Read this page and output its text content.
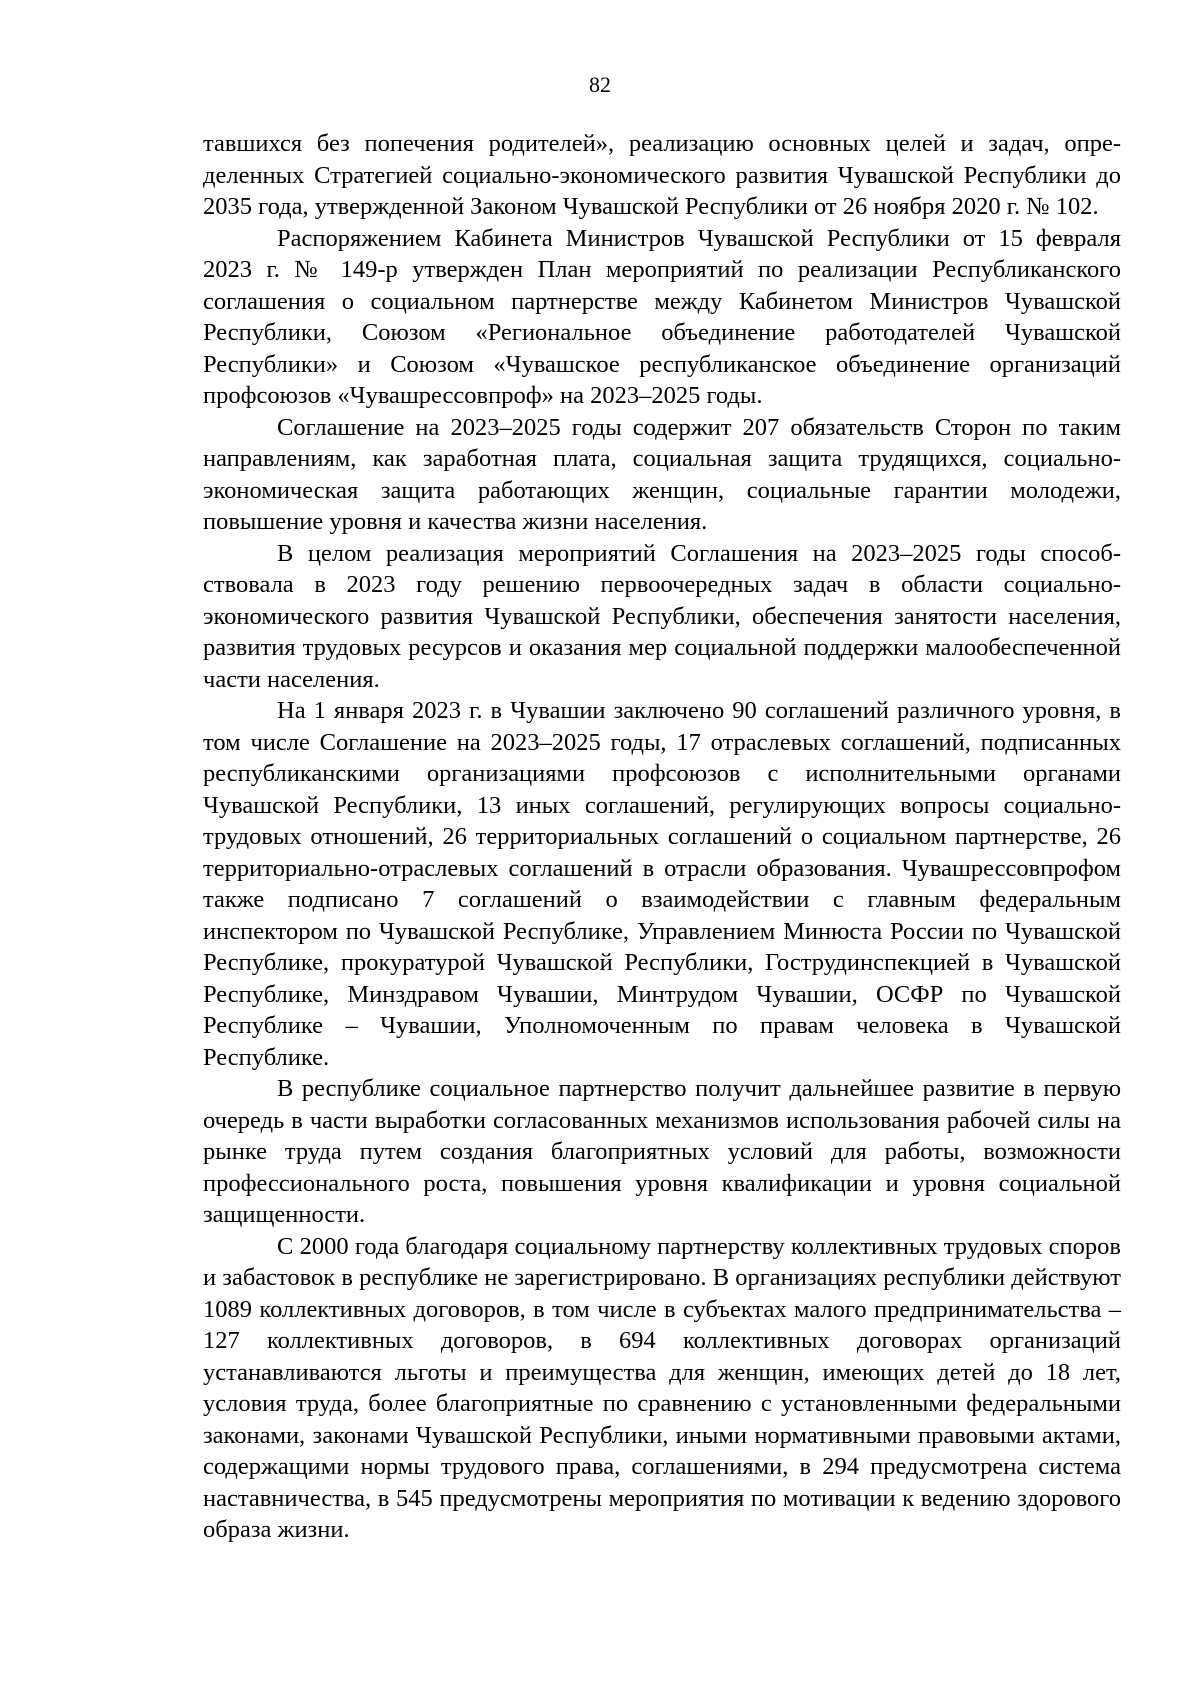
82

тавшихся без попечения родителей», реализацию основных целей и задач, определенных Стратегией социально-экономического развития Чувашской Республики до 2035 года, утвержденной Законом Чувашской Республики от 26 ноября 2020 г. № 102.

Распоряжением Кабинета Министров Чувашской Республики от 15 февраля 2023 г. № 149-р утвержден План мероприятий по реализации Республиканского соглашения о социальном партнерстве между Кабинетом Министров Чувашской Республики, Союзом «Региональное объединение работодателей Чувашской Республики» и Союзом «Чувашское республиканское объединение организаций профсоюзов «Чувашрессовпроф» на 2023–2025 годы.

Соглашение на 2023–2025 годы содержит 207 обязательств Сторон по таким направлениям, как заработная плата, социальная защита трудящихся, социально-экономическая защита работающих женщин, социальные гарантии молодежи, повышение уровня и качества жизни населения.

В целом реализация мероприятий Соглашения на 2023–2025 годы способствовала в 2023 году решению первоочередных задач в области социально-экономического развития Чувашской Республики, обеспечения занятости населения, развития трудовых ресурсов и оказания мер социальной поддержки малообеспеченной части населения.

На 1 января 2023 г. в Чувашии заключено 90 соглашений различного уровня, в том числе Соглашение на 2023–2025 годы, 17 отраслевых соглашений, подписанных республиканскими организациями профсоюзов с исполнительными органами Чувашской Республики, 13 иных соглашений, регулирующих вопросы социально-трудовых отношений, 26 территориальных соглашений о социальном партнерстве, 26 территориально-отраслевых соглашений в отрасли образования. Чувашрессовпрофом также подписано 7 соглашений о взаимодействии с главным федеральным инспектором по Чувашской Республике, Управлением Минюста России по Чувашской Республике, прокуратурой Чувашской Республики, Гострудинспекцией в Чувашской Республике, Минздравом Чувашии, Минтрудом Чувашии, ОСФР по Чувашской Республике – Чувашии, Уполномоченным по правам человека в Чувашской Республике.

В республике социальное партнерство получит дальнейшее развитие в первую очередь в части выработки согласованных механизмов использования рабочей силы на рынке труда путем создания благоприятных условий для работы, возможности профессионального роста, повышения уровня квалификации и уровня социальной защищенности.

С 2000 года благодаря социальному партнерству коллективных трудовых споров и забастовок в республике не зарегистрировано. В организациях республики действуют 1089 коллективных договоров, в том числе в субъектах малого предпринимательства – 127 коллективных договоров, в 694 коллективных договорах организаций устанавливаются льготы и преимущества для женщин, имеющих детей до 18 лет, условия труда, более благоприятные по сравнению с установленными федеральными законами, законами Чувашской Республики, иными нормативными правовыми актами, содержащими нормы трудового права, соглашениями, в 294 предусмотрена система наставничества, в 545 предусмотрены мероприятия по мотивации к ведению здорового образа жизни.
